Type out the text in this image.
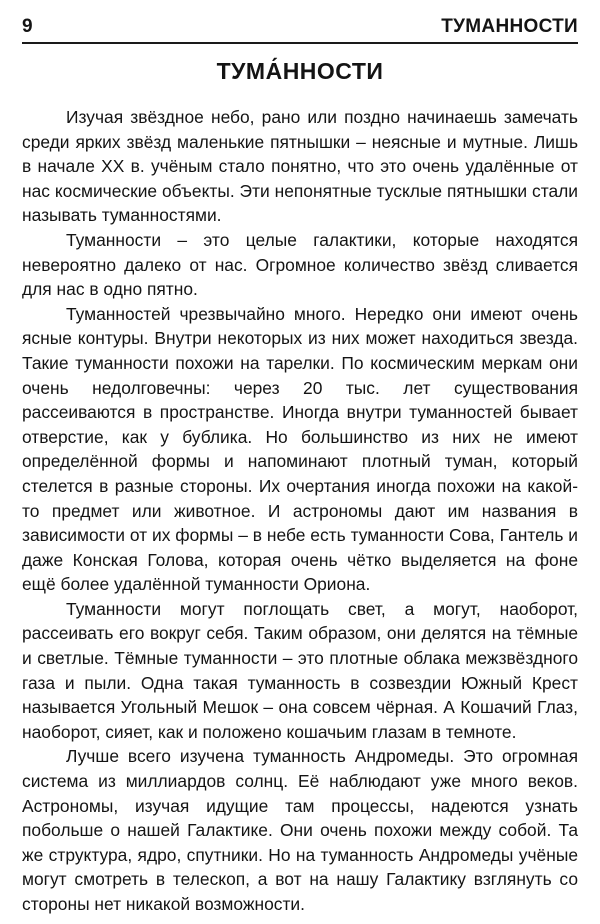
9	ТУМАННОСТИ
ТУМА́ННОСТИ

Изучая звёздное небо, рано или поздно начинаешь замечать среди ярких звёзд маленькие пятнышки – неясные и мутные. Лишь в начале XX в. учёным стало понятно, что это очень удалённые от нас космические объекты. Эти непонятные тусклые пятнышки стали называть туманностями.

Туманности – это целые галактики, которые находятся невероятно далеко от нас. Огромное количество звёзд сливается для нас в одно пятно.

Туманностей чрезвычайно много. Нередко они имеют очень ясные контуры. Внутри некоторых из них может находиться звезда. Такие туманности похожи на тарелки. По космическим меркам они очень недолговечны: через 20 тыс. лет существования рассеиваются в пространстве. Иногда внутри туманностей бывает отверстие, как у бублика. Но большинство из них не имеют определённой формы и напоминают плотный туман, который стелется в разные стороны. Их очертания иногда похожи на какой-то предмет или животное. И астрономы дают им названия в зависимости от их формы – в небе есть туманности Сова, Гантель и даже Конская Голова, которая очень чётко выделяется на фоне ещё более удалённой туманности Ориона.

Туманности могут поглощать свет, а могут, наоборот, рассеивать его вокруг себя. Таким образом, они делятся на тёмные и светлые. Тёмные туманности – это плотные облака межзвёздного газа и пыли. Одна такая туманность в созвездии Южный Крест называется Угольный Мешок – она совсем чёрная. А Кошачий Глаз, наоборот, сияет, как и положено кошачьим глазам в темноте.

Лучше всего изучена туманность Андромеды. Это огромная система из миллиардов солнц. Её наблюдают уже много веков. Астрономы, изучая идущие там процессы, надеются узнать побольше о нашей Галактике. Они очень похожи между собой. Та же структура, ядро, спутники. Но на туманность Андромеды учёные могут смотреть в телескоп, а вот на нашу Галактику взглянуть со стороны нет никакой возможности.
